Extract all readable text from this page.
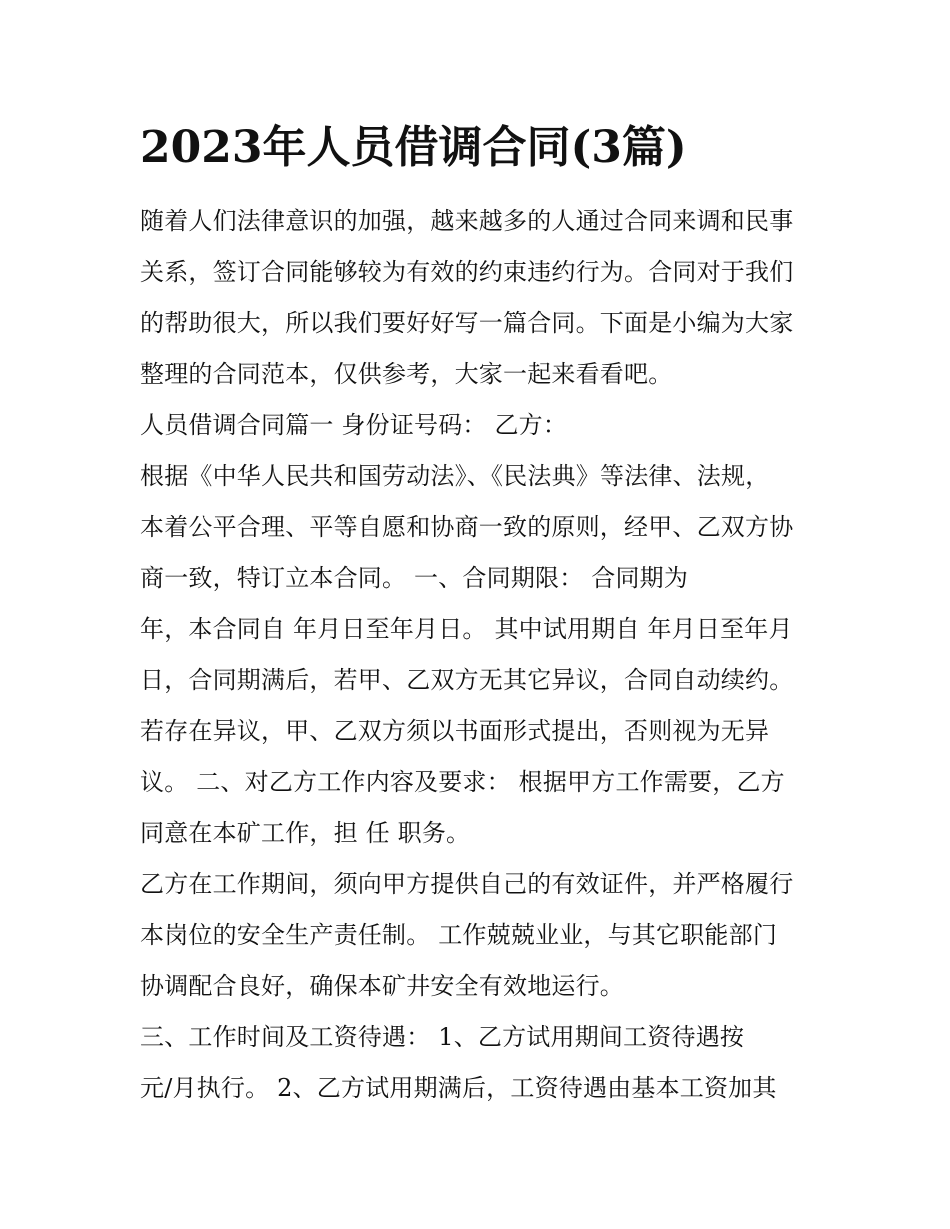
2023年人员借调合同(3篇)
随着人们法律意识的加强，越来越多的人通过合同来调和民事
关系，签订合同能够较为有效的约束违约行为。合同对于我们
的帮助很大，所以我们要好好写一篇合同。下面是小编为大家
整理的合同范本，仅供参考，大家一起来看看吧。
人员借调合同篇一 身份证号码： 乙方：
根据《中华人民共和国劳动法》、《民法典》等法律、法规，
本着公平合理、平等自愿和协商一致的原则，经甲、乙双方协
商一致，特订立本合同。 一、合同期限： 合同期为
年，本合同自 年月日至年月日。 其中试用期自 年月日至年月
日，合同期满后，若甲、乙双方无其它异议，合同自动续约。
若存在异议，甲、乙双方须以书面形式提出，否则视为无异
议。 二、对乙方工作内容及要求： 根据甲方工作需要，乙方
同意在本矿工作，担 任 职务。
乙方在工作期间，须向甲方提供自己的有效证件，并严格履行
本岗位的安全生产责任制。 工作兢兢业业，与其它职能部门
协调配合良好，确保本矿井安全有效地运行。
三、工作时间及工资待遇： 1、乙方试用期间工资待遇按
元/月执行。 2、乙方试用期满后，工资待遇由基本工资加其
